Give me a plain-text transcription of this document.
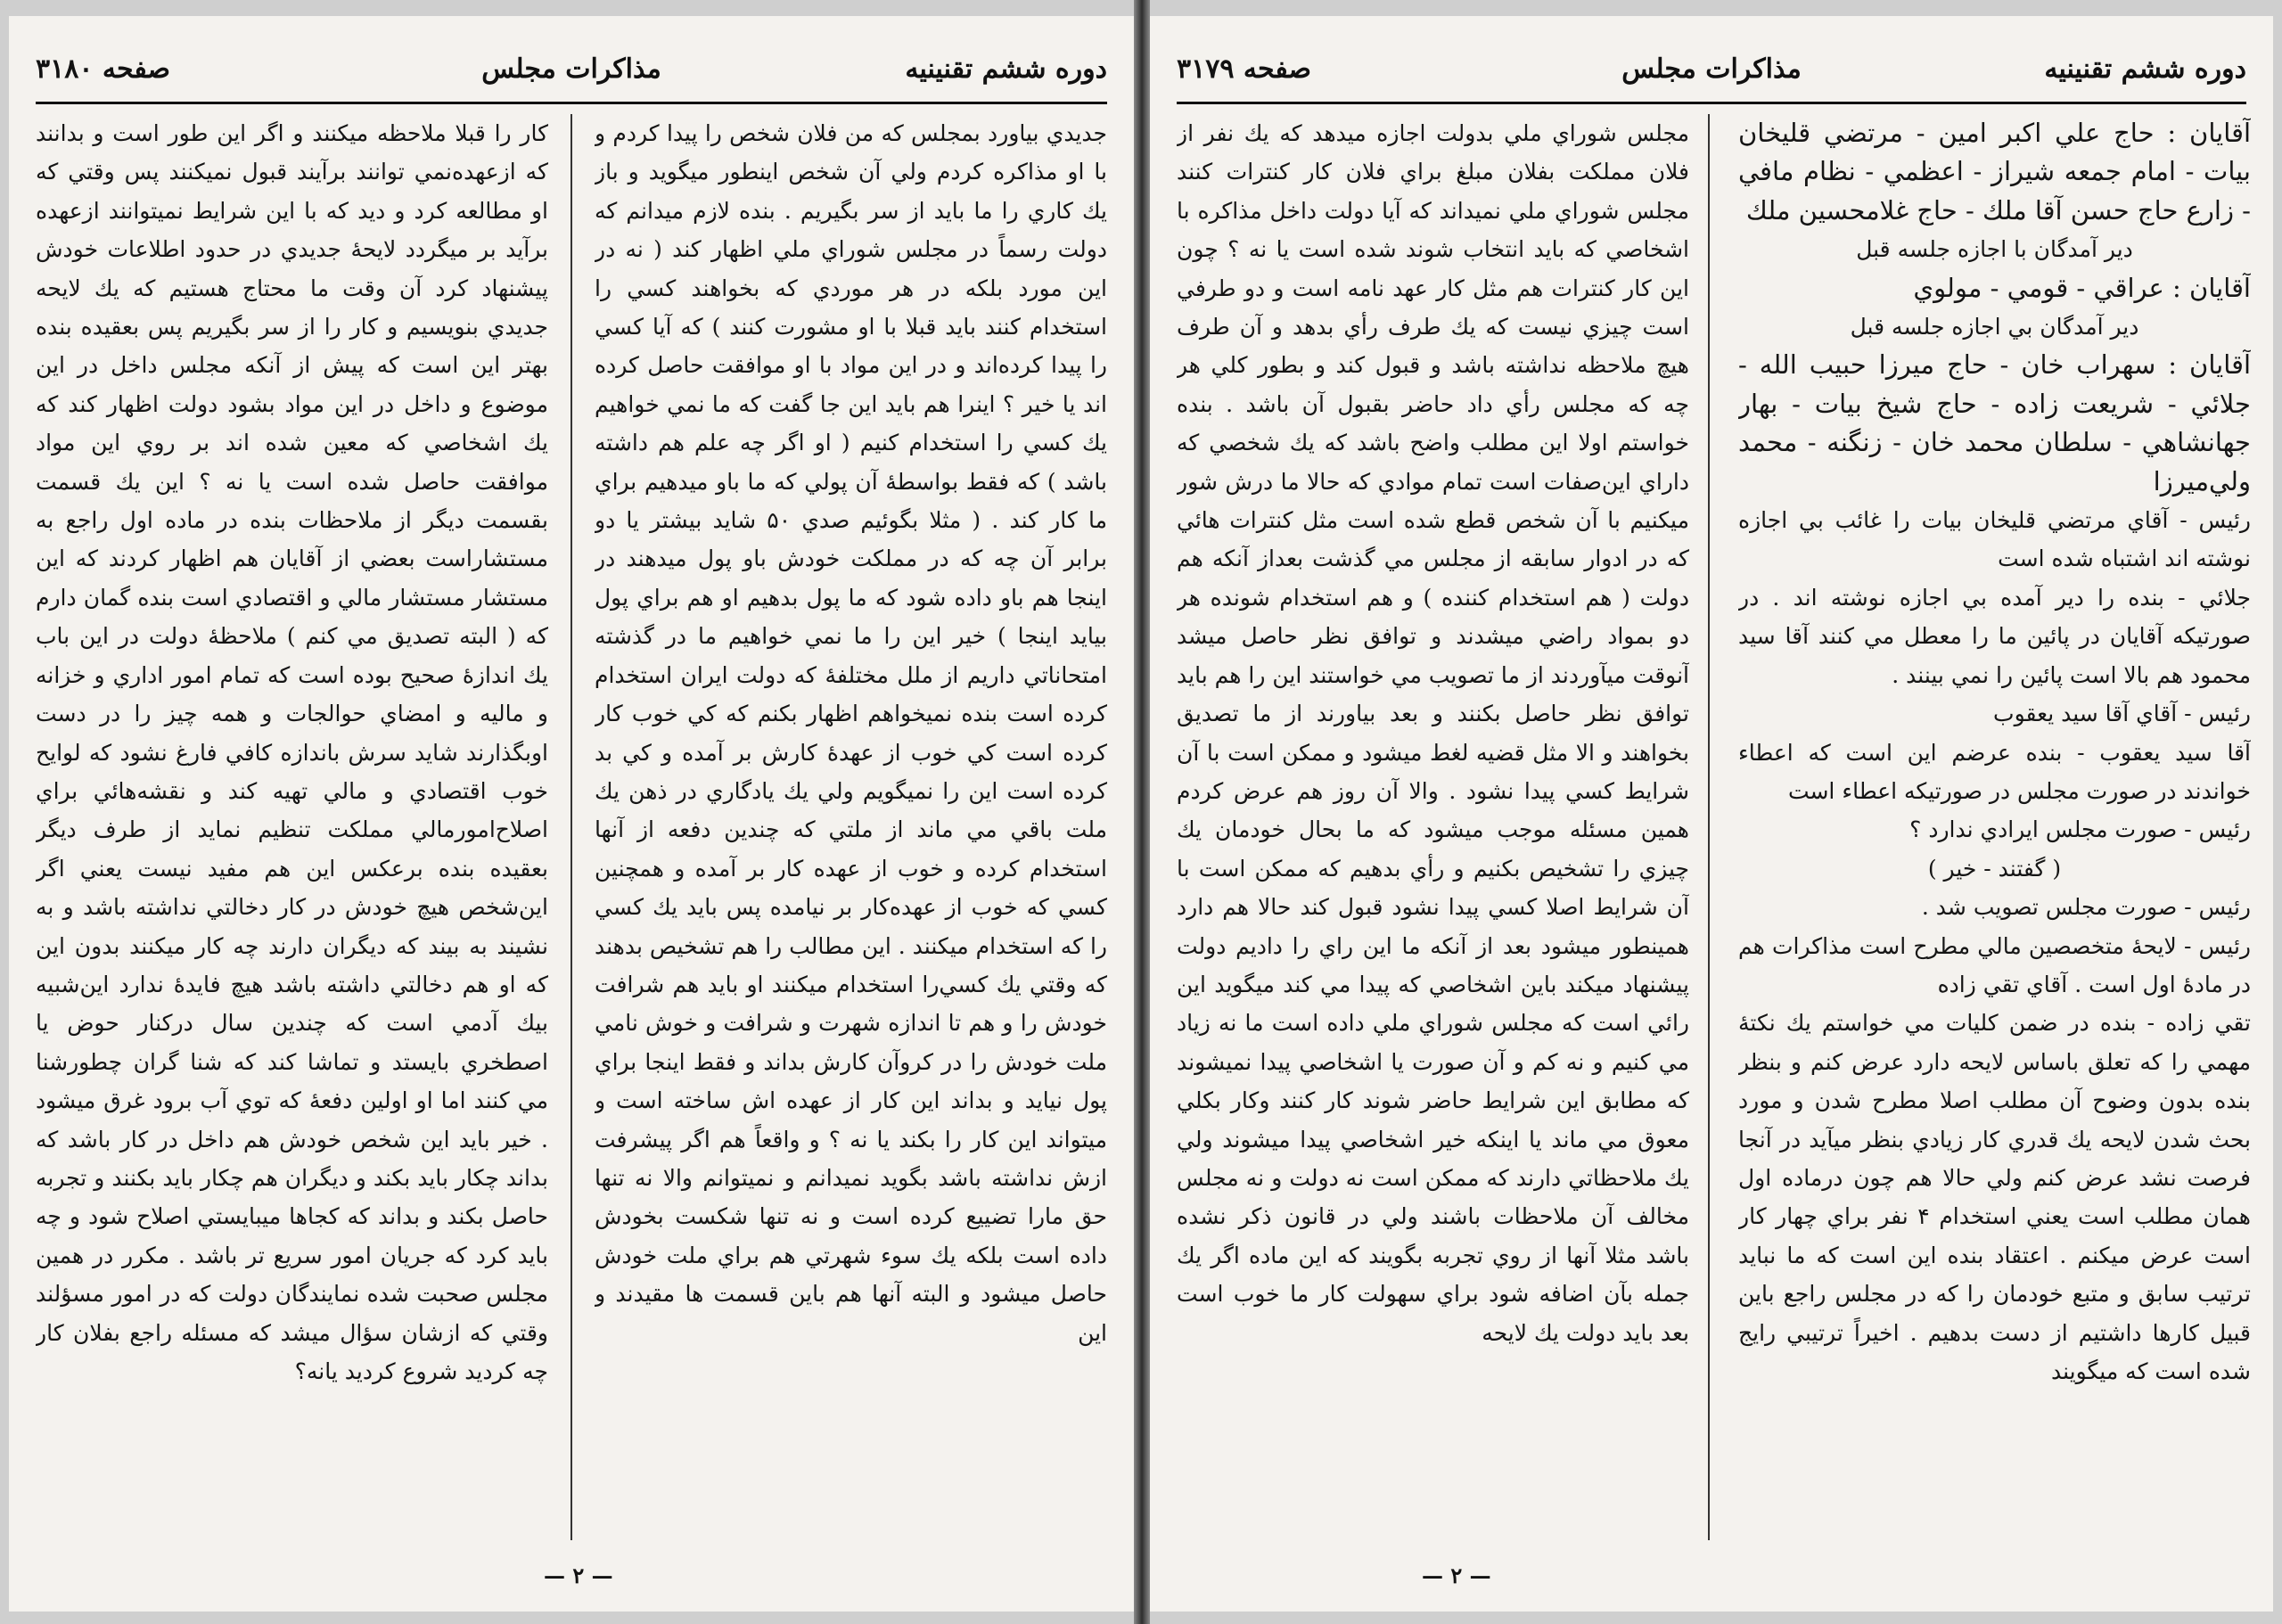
دوره ششم تقنينيه
مذاكرات مجلس
صفحه ۳۱۸۰

جديدي بياورد بمجلس كه من فلان شخص را پيدا كردم و با او مذاكره كردم ولي آن شخص اينطور ميگويد و باز يك كاري را ما بايد از سر بگيريم . بنده لازم ميدانم كه دولت رسماً در مجلس شوراي ملي اظهار كند ( نه در اين مورد بلكه در هر موردي كه بخواهند كسي را استخدام كنند بايد قبلا با او مشورت كنند ) كه آيا كسي را پيدا كرده‌اند و در اين مواد با او موافقت حاصل كرده اند يا خير ؟ اينرا هم بايد اين جا گفت كه ما نمي خواهيم يك كسي را استخدام كنيم ( او اگر چه علم هم داشته باشد ) كه فقط بواسطهٔ آن پولي كه ما باو ميدهيم براي ما كار كند . ( مثلا بگوئيم صدي ۵۰ شايد بيشتر يا دو برابر آن چه كه در مملكت خودش باو پول ميدهند در اينجا هم باو داده شود كه ما پول بدهيم او هم براي پول بيايد اينجا ) خير اين را ما نمي خواهيم ما در گذشته امتحاناتي داريم از ملل مختلفهٔ كه دولت ايران استخدام كرده است بنده نميخواهم اظهار بكنم كه كي خوب كار كرده است كي خوب از عهدهٔ كارش بر آمده و كي بد كرده است اين را نميگويم ولي يك يادگاري در ذهن يك ملت باقي مي ماند از ملتي كه چندين دفعه از آنها استخدام كرده و خوب از عهده كار بر آمده و همچنين كسي كه خوب از عهده‌كار بر نيامده پس بايد يك كسي را كه استخدام ميكنند . اين مطالب را هم تشخيص بدهند كه وقتي يك كسي‌را استخدام ميكنند او بايد هم شرافت خودش را و هم تا اندازه شهرت و شرافت و خوش نامي ملت خودش را در كروآن كارش بداند و فقط اينجا براي پول نيايد و بداند اين كار از عهده اش ساخته است و ميتواند اين كار را بكند يا نه ؟ و واقعاً هم اگر پيشرفت ازش نداشته باشد بگويد نميدانم و نميتوانم والا نه تنها حق مارا تضييع كرده است و نه تنها شكست بخودش داده است بلكه يك سوء شهرتي هم براي ملت خودش حاصل ميشود و البته آنها هم باين قسمت ها مقيدند و اين

كار را قبلا ملاحظه ميكنند و اگر اين طور است و بدانند كه ازعهده‌نمي توانند برآيند قبول نميكنند پس وقتي كه او مطالعه كرد و ديد كه با اين شرايط نميتوانند ازعهده برآيد بر ميگردد لايحهٔ جديدي در حدود اطلاعات خودش پيشنهاد كرد آن وقت ما محتاج هستيم كه يك لايحه جديدي بنويسيم و كار را از سر بگيريم پس بعقيده بنده بهتر اين است كه پيش از آنكه مجلس داخل در اين موضوع و داخل در اين مواد بشود دولت اظهار كند كه يك اشخاصي كه معين شده اند بر روي اين مواد موافقت حاصل شده است يا نه ؟ اين يك قسمت بقسمت ديگر از ملاحظات بنده در ماده اول راجع به مستشاراست بعضي از آقايان هم اظهار كردند كه اين مستشار مستشار مالي و اقتصادي است بنده گمان دارم كه ( البته تصديق مي كنم ) ملاحظهٔ دولت در اين باب يك اندازهٔ صحيح بوده است كه تمام امور اداري و خزانه و ماليه و امضاي حوالجات و همه چيز را در دست اوبگذارند شايد سرش باندازه كافي فارغ نشود كه لوايح خوب اقتصادي و مالي تهيه كند و نقشه‌هائي براي اصلاح‌امورمالي مملكت تنظيم نمايد از طرف ديگر بعقيده بنده برعكس اين هم مفيد نيست يعني اگر اين‌شخص هيچ خودش در كار دخالتي نداشته باشد و به نشيند به بيند كه ديگران دارند چه كار ميكنند بدون اين كه او هم دخالتي داشته باشد هيچ فايدهٔ ندارد اين‌شبيه بيك آدمي است كه چندين سال دركنار حوض يا اصطخري بايستد و تماشا كند كه شنا گران چطورشنا مي كنند اما او اولين دفعهٔ كه توي آب برود غرق ميشود . خير بايد اين شخص خودش هم داخل در كار باشد كه بداند چكار بايد بكند و ديگران هم چكار بايد بكنند و تجربه حاصل بكند و بداند كه كجاها ميبايستي اصلاح شود و چه بايد كرد كه جريان امور سريع تر باشد . مكرر در همين مجلس صحبت شده نمايندگان دولت كه در امور مسؤلند وقتي كه ازشان سؤال ميشد كه مسئله راجع بفلان كار چه كرديد شروع كرديد يانه؟

— ۲ —
دوره ششم تقنينيه
مذاكرات مجلس
صفحه ۳۱۷۹

آقايان : حاج علي اكبر امين - مرتضي قليخان بيات - امام جمعه شيراز - اعظمي - نظام مافي - زارع حاج حسن آقا ملك - حاج غلامحسين ملك

دير آمدگان با اجازه جلسه قبل

آقايان : عراقي - قومي - مولوي

دير آمدگان بي اجازه جلسه قبل

آقايان : سهراب خان - حاج ميرزا حبيب الله - جلائي - شريعت زاده - حاج شيخ بيات - بهار جهانشاهي - سلطان محمد خان - زنگنه - محمد ولي‌ميرزا

رئيس - آقاي مرتضي قليخان بيات را غائب بي اجازه نوشته اند اشتباه شده است

جلائي - بنده را دير آمده بي اجازه نوشته اند . در صورتيكه آقايان در پائين ما را معطل مي كنند آقا سيد محمود هم بالا است پائين را نمي بينند .

رئيس - آقاي آقا سيد يعقوب

آقا سيد يعقوب - بنده عرضم اين است كه اعطاء خواندند در صورت مجلس در صورتيكه اعطاء است

رئيس - صورت مجلس ايرادي ندارد ؟

( گفتند - خير )

رئيس - صورت مجلس تصويب شد .

رئيس - لايحهٔ متخصصين مالي مطرح است مذاكرات هم در مادهٔ اول است . آقاي تقي زاده

تقي زاده - بنده در ضمن كليات مي خواستم يك نكتهٔ مهمي را كه تعلق باساس لايحه دارد عرض كنم و بنظر بنده بدون وضوح آن مطلب اصلا مطرح شدن و مورد بحث شدن لايحه يك قدري كار زيادي بنظر ميآيد در آنجا فرصت نشد عرض كنم ولي حالا هم چون درماده اول همان مطلب است يعني استخدام ۴ نفر براي چهار كار است عرض ميكنم . اعتقاد بنده اين است كه ما نبايد ترتيب سابق و متبع خودمان را كه در مجلس راجع باين قبيل كارها داشتيم از دست بدهيم . اخيراً ترتيبي رايج شده است كه ميگويند

مجلس شوراي ملي بدولت اجازه ميدهد كه يك نفر از فلان مملكت بفلان مبلغ براي فلان كار كنترات كنند مجلس شوراي ملي نميداند كه آيا دولت داخل مذاكره با اشخاصي كه بايد انتخاب شوند شده است يا نه ؟ چون اين كار كنترات هم مثل كار عهد نامه است و دو طرفي است چيزي نيست كه يك طرف رأي بدهد و آن طرف هيچ ملاحظه نداشته باشد و قبول كند و بطور كلي هر چه كه مجلس رأي داد حاضر بقبول آن باشد . بنده خواستم اولا اين مطلب واضح باشد كه يك شخصي كه داراي اين‌صفات است تمام موادي كه حالا ما درش شور ميكنيم با آن شخص قطع شده است مثل كنترات هائي كه در ادوار سابقه از مجلس مي گذشت بعداز آنكه هم دولت ( هم استخدام كننده ) و هم استخدام شونده هر دو بمواد راضي ميشدند و توافق نظر حاصل ميشد آنوقت ميآوردند از ما تصويب مي خواستند اين را هم بايد توافق نظر حاصل بكنند و بعد بياورند از ما تصديق بخواهند و الا مثل قضيه لغط ميشود و ممكن است با آن شرايط كسي پيدا نشود . والا آن روز هم عرض كردم همين مسئله موجب ميشود كه ما بحال خودمان يك چيزي را تشخيص بكنيم و رأي بدهيم كه ممكن است با آن شرايط اصلا كسي پيدا نشود قبول كند حالا هم دارد همينطور ميشود بعد از آنكه ما اين راي را داديم دولت پيشنهاد ميكند باين اشخاصي كه پيدا مي كند ميگويد اين رائي است كه مجلس شوراي ملي داده است ما نه زياد مي كنيم و نه كم و آن صورت يا اشخاصي پيدا نميشوند كه مطابق اين شرايط حاضر شوند كار كنند وكار بكلي معوق مي ماند يا اينكه خير اشخاصي پيدا ميشوند ولي يك ملاحظاتي دارند كه ممكن است نه دولت و نه مجلس مخالف آن ملاحظات باشند ولي در قانون ذكر نشده باشد مثلا آنها از روي تجربه بگويند كه اين ماده اگر يك جمله بآن اضافه شود براي سهولت كار ما خوب است بعد بايد دولت يك لايحه

— ۲ —
